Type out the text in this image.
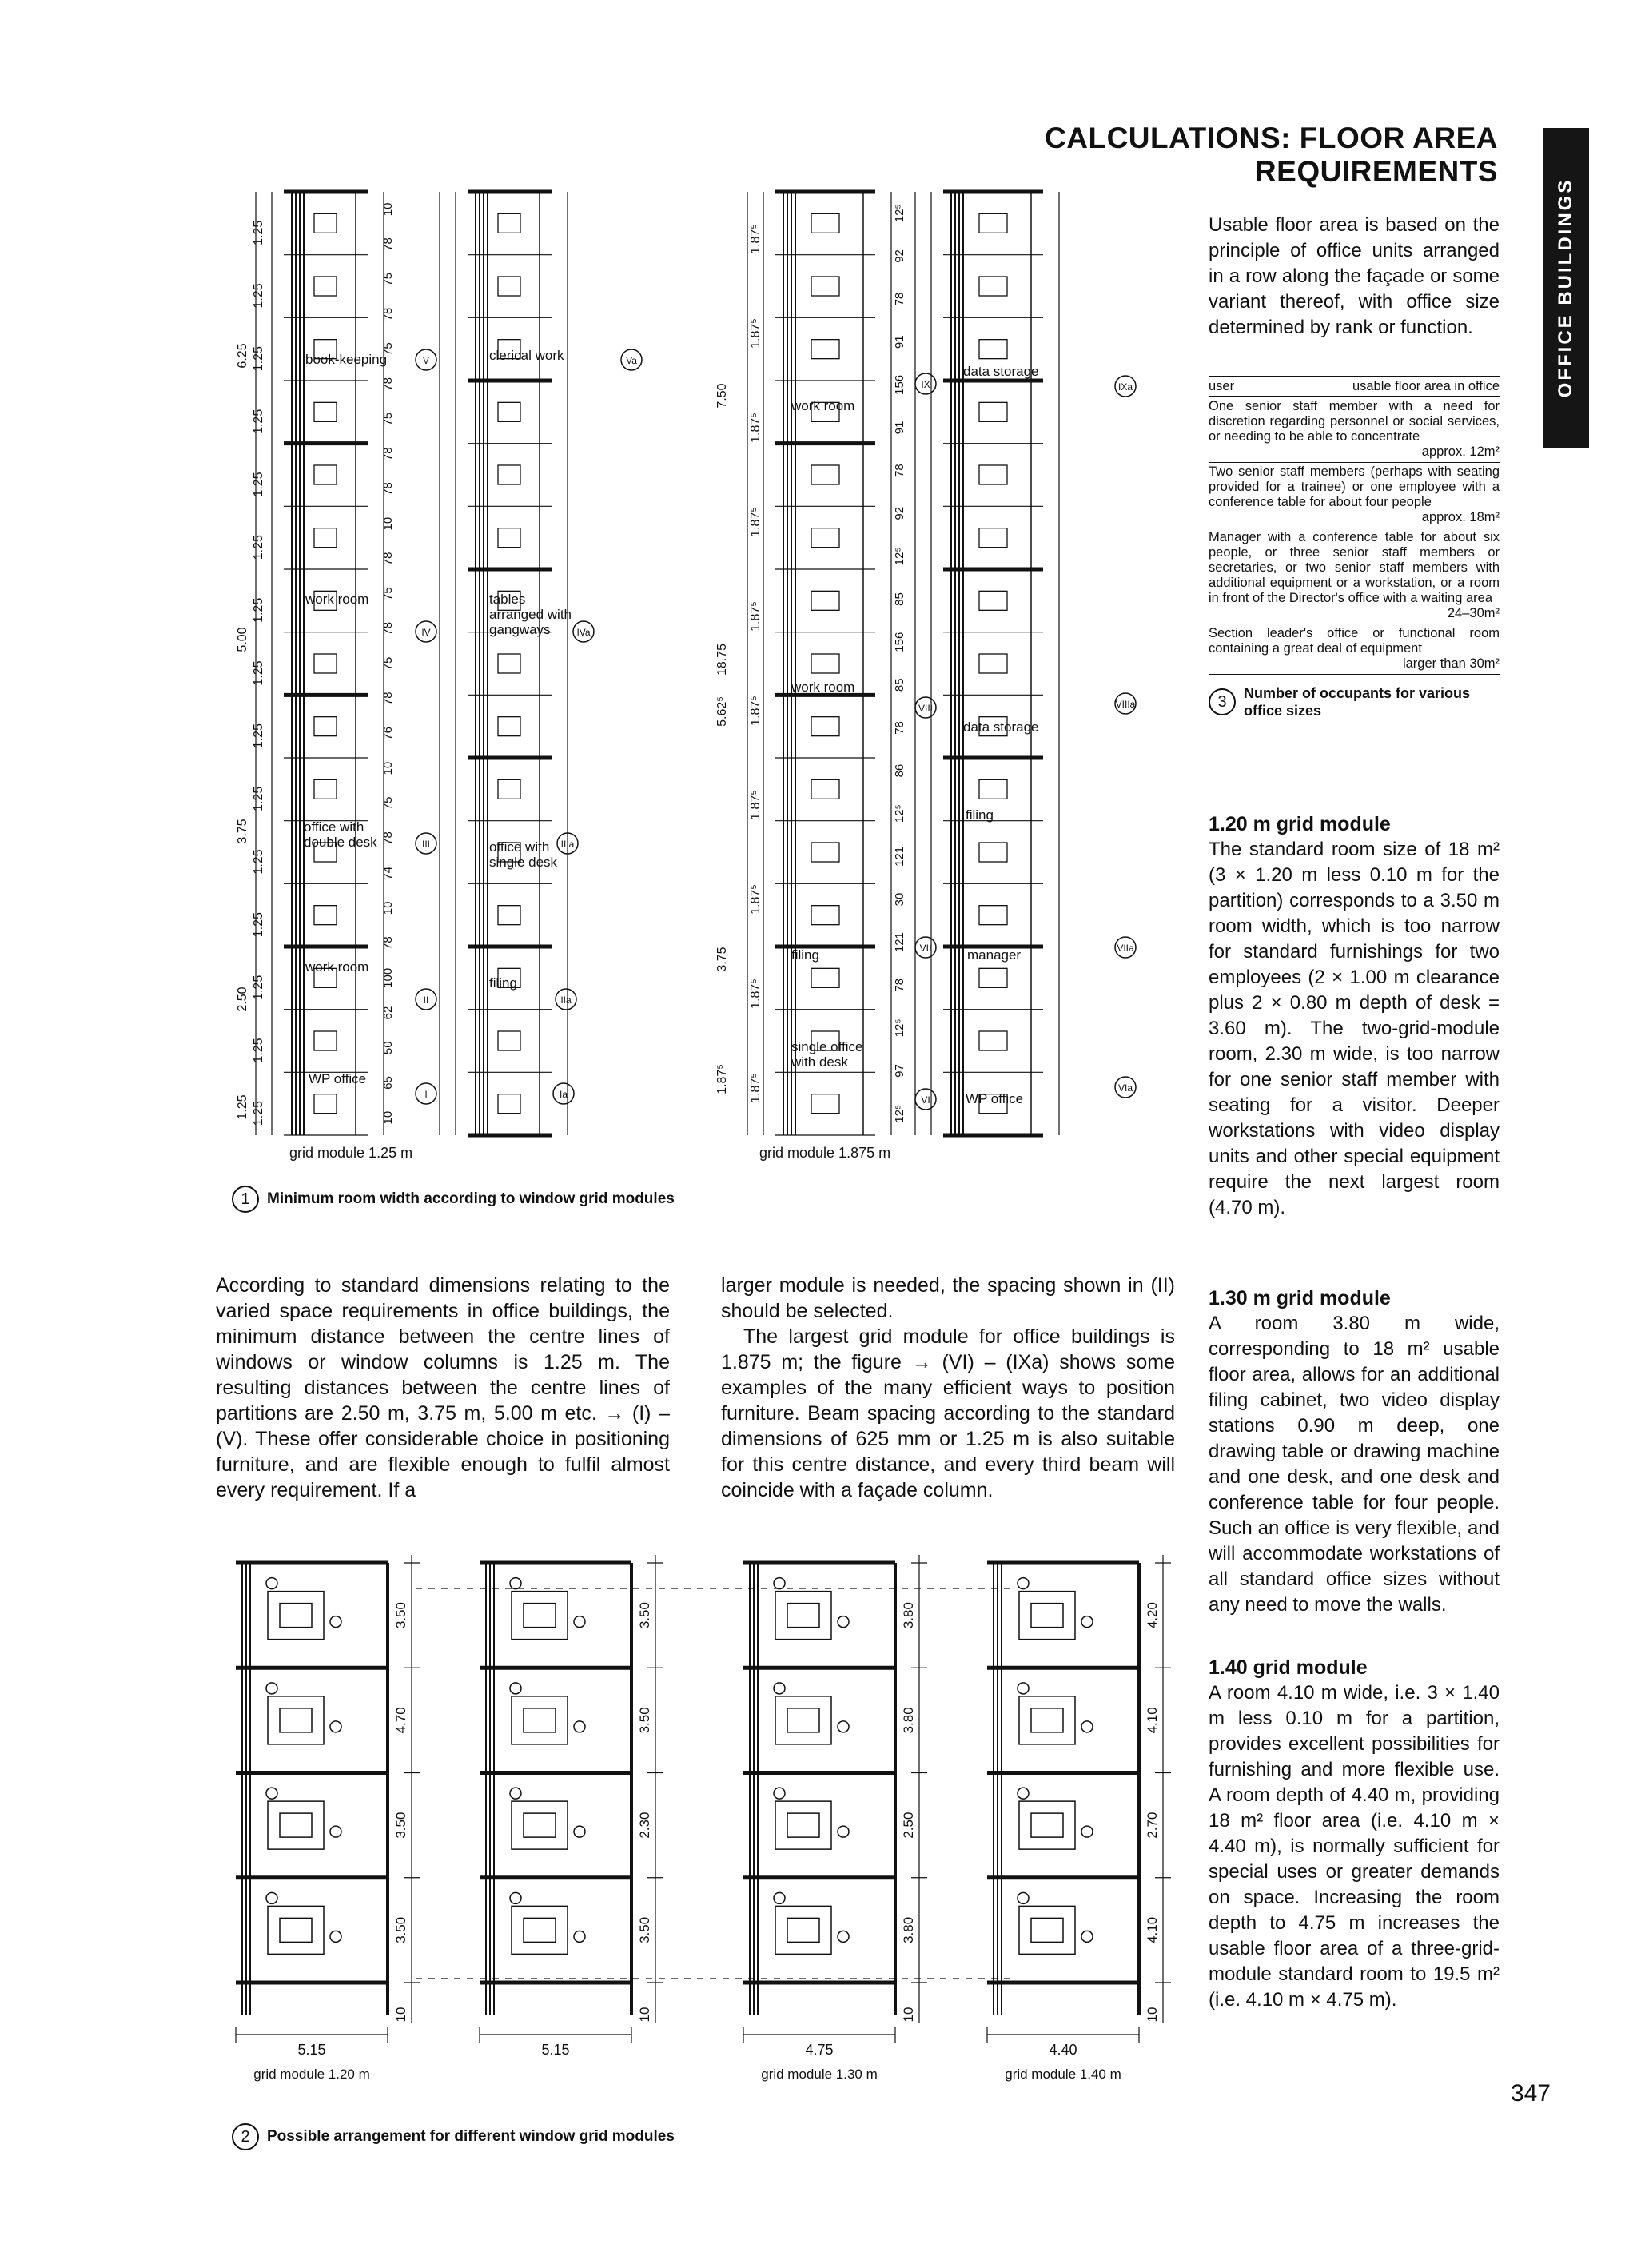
CALCULATIONS: FLOOR AREA
REQUIREMENTS
OFFICE BUILDINGS
1.25
1.25
1.25
1.25
1.25
1.25
1.25
1.25
1.25
1.25
1.25
1.25
1.25
1.25
1.25
6.25
5.00
3.75
2.50
1.25
1.87⁵
1.87⁵
1.87⁵
1.87⁵
1.87⁵
1.87⁵
1.87⁵
1.87⁵
1.87⁵
1.87⁵
7.50
18.75
5.62⁵
3.75
1.87⁵
10
78
75
78
75
78
75
78
78
10
78
75
78
75
78
76
10
75
78
74
10
78
100
62
50
65
10
12⁵
92
78
91
156
91
78
92
12⁵
85
156
85
78
86
12⁵
121
30
121
78
12⁵
97
12⁵
book-keeping
work room
office with double desk
work room
WP office
clerical work
tables arranged with gangways
office with single desk
filing
work room
work room
filing
single office with desk
data storage
data storage
filing
manager
WP office
V
IV
III
II
I
Va
IVa
IIIa
IIa
Ia
IX
VIII
VII
VI
IXa
VIIIa
VIIa
VIa
grid module 1.25 m	grid module 1.875 m
1	Minimum room width according to window grid modules

According to standard dimensions relating to the varied space requirements in office buildings, the minimum distance between the centre lines of windows or window columns is 1.25 m. The resulting distances between the centre lines of partitions are 2.50 m, 3.75 m, 5.00 m etc. → (I) – (V). These offer considerable choice in positioning furniture, and are flexible enough to fulfil almost every requirement. If a

larger module is needed, the spacing shown in (II) should be selected.

The largest grid module for office buildings is 1.875 m; the figure → (VI) – (IXa) shows some examples of the many efficient ways to position furniture. Beam spacing according to the standard dimensions of 625 mm or 1.25 m is also suitable for this centre distance, and every third beam will coincide with a façade column.

3.50
4.70
3.50
3.50
10
5.15
grid module 1.20 m
3.50
3.50
2.30
3.50
10
5.15
3.80
3.80
2.50
3.80
10
4.75
grid module 1.30 m
4.20
4.10
2.70
4.10
10
4.40
grid module 1,40 m
2	Possible arrangement for different window grid modules

Usable floor area is based on the principle of office units arranged in a row along the façade or some variant thereof, with office size determined by rank or function.

user	usable floor area in office
One senior staff member with a need for discretion regarding personnel or social services, or needing to be able to concentrate
approx. 12m²
Two senior staff members (perhaps with seating provided for a trainee) or one employee with a conference table for about four people
approx. 18m²
Manager with a conference table for about six people, or three senior staff members or secretaries, or two senior staff members with additional equipment or a workstation, or a room in front of the Director's office with a waiting area
24–30m²
Section leader's office or functional room containing a great deal of equipment
larger than 30m²
3	Number of occupants for various office sizes
1.20 m grid module

The standard room size of 18 m² (3 × 1.20 m less 0.10 m for the partition) corresponds to a 3.50 m room width, which is too narrow for standard furnishings for two employees (2 × 1.00 m clearance plus 2 × 0.80 m depth of desk = 3.60 m). The two-grid-module room, 2.30 m wide, is too narrow for one senior staff member with seating for a visitor. Deeper workstations with video display units and other special equipment require the next largest room (4.70 m).

1.30 m grid module

A room 3.80 m wide, corresponding to 18 m² usable floor area, allows for an additional filing cabinet, two video display stations 0.90 m deep, one drawing table or drawing machine and one desk, and one desk and conference table for four people. Such an office is very flexible, and will accommodate workstations of all standard office sizes without any need to move the walls.

1.40 grid module

A room 4.10 m wide, i.e. 3 × 1.40 m less 0.10 m for a partition, provides excellent possibilities for furnishing and more flexible use. A room depth of 4.40 m, providing 18 m² floor area (i.e. 4.10 m × 4.40 m), is normally sufficient for special uses or greater demands on space. Increasing the room depth to 4.75 m increases the usable floor area of a three-grid-module standard room to 19.5 m² (i.e. 4.10 m × 4.75 m).

347
